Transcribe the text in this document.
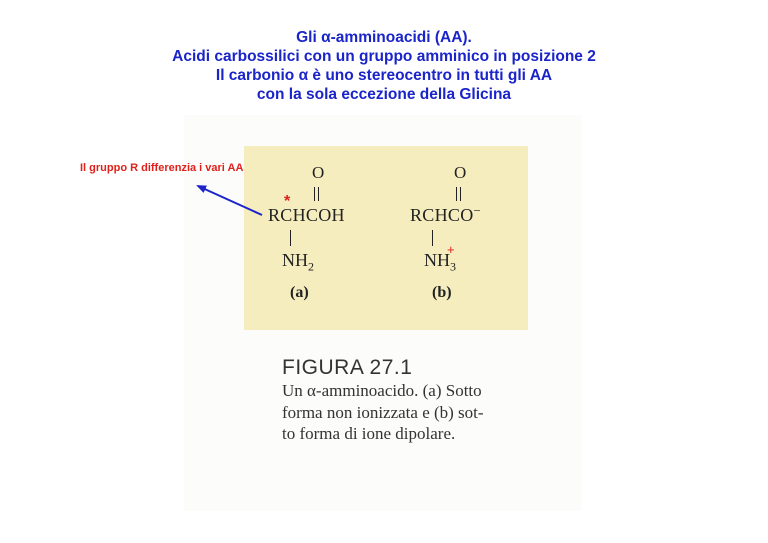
Gli α-amminoacidi (AA).
Acidi carbossilici con un gruppo amminico in posizione 2
Il carbonio α è uno stereocentro in tutti gli AA
con la sola eccezione della Glicina
O
RCHCOH
$NH_2$
(a)
O
RCHCO−
$NH_3$
+
(b)
*
Il gruppo R differenzia i vari AA
FIGURA 27.1
Un α-amminoacido. (a) Sotto
forma non ionizzata e (b) sot-
to forma di ione dipolare.
